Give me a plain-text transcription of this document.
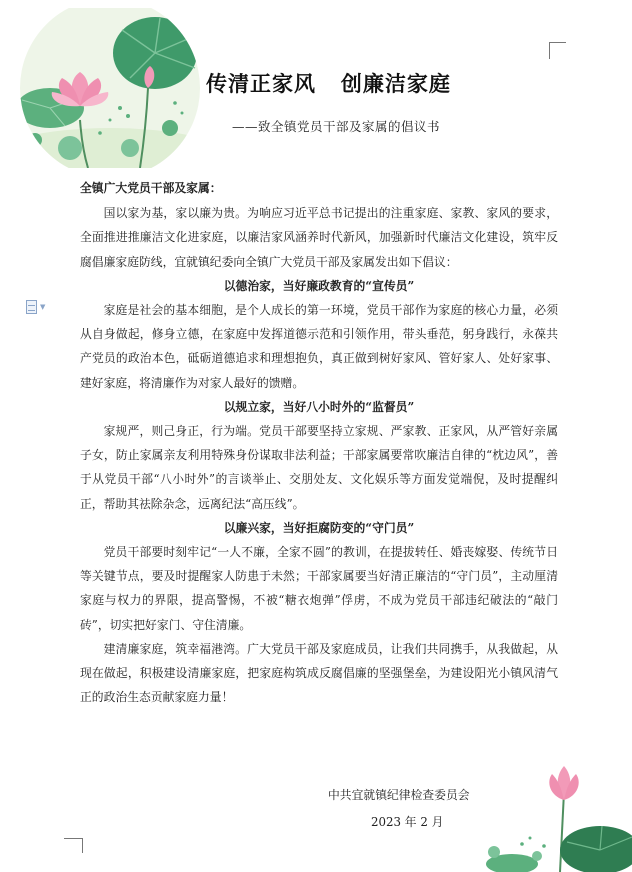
▼
传清正家风   创廉洁家庭
——致全镇党员干部及家属的倡议书

全镇广大党员干部及家属：

国以家为基，家以廉为贵。为响应习近平总书记提出的注重家庭、家教、家风的要求，全面推进推廉洁文化进家庭，以廉洁家风涵养时代新风，加强新时代廉洁文化建设，筑牢反腐倡廉家庭防线，宜就镇纪委向全镇广大党员干部及家属发出如下倡议：

以德治家，当好廉政教育的“宣传员”

家庭是社会的基本细胞，是个人成长的第一环境，党员干部作为家庭的核心力量，必须从自身做起，修身立德，在家庭中发挥道德示范和引领作用，带头垂范，躬身践行，永葆共产党员的政治本色，砥砺道德追求和理想抱负，真正做到树好家风、管好家人、处好家事、建好家庭，将清廉作为对家人最好的馈赠。

以规立家，当好八小时外的“监督员”

家规严，则己身正，行为端。党员干部要坚持立家规、严家教、正家风，从严管好亲属子女，防止家属亲友利用特殊身份谋取非法利益；干部家属要常吹廉洁自律的“枕边风”，善于从党员干部“八小时外”的言谈举止、交朋处友、文化娱乐等方面发觉端倪，及时提醒纠正，帮助其祛除杂念，远离纪法“高压线”。

以廉兴家，当好拒腐防变的“守门员”

党员干部要时刻牢记“一人不廉，全家不圆”的教训，在提拔转任、婚丧嫁娶、传统节日等关键节点，要及时提醒家人防患于未然；干部家属要当好清正廉洁的“守门员”，主动厘清家庭与权力的界限，提高警惕，不被“糖衣炮弹”俘虏，不成为党员干部违纪破法的“敲门砖”，切实把好家门、守住清廉。

建清廉家庭，筑幸福港湾。广大党员干部及家庭成员，让我们共同携手，从我做起，从现在做起，积极建设清廉家庭，把家庭构筑成反腐倡廉的坚强堡垒，为建设阳光小镇风清气正的政治生态贡献家庭力量！

中共宜就镇纪律检查委员会
2023 年 2 月
